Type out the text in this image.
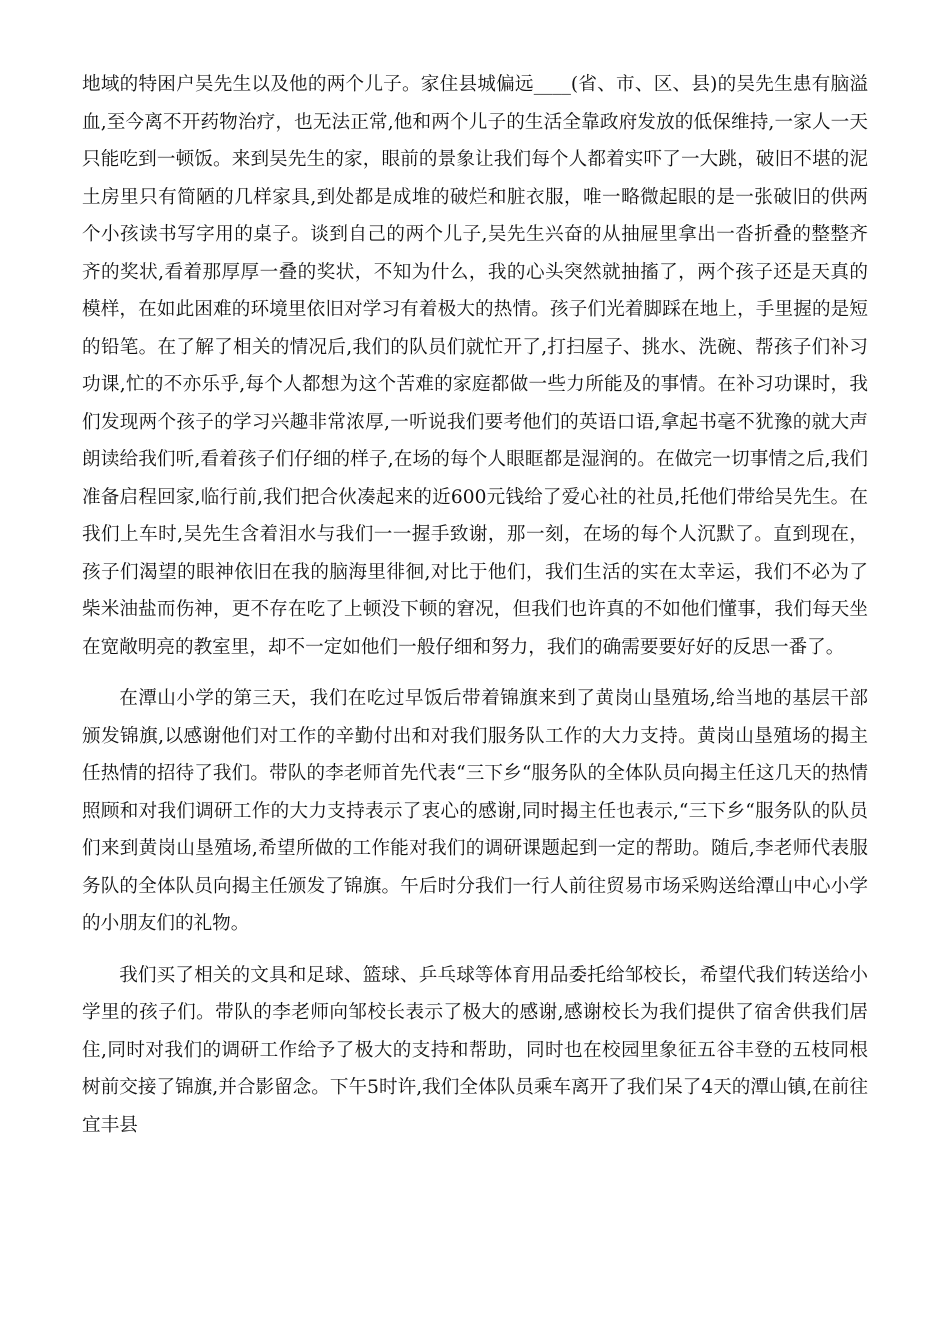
地域的特困户吴先生以及他的两个儿子。家住县城偏远____(省、市、区、县)的吴先生患有脑溢血,至今离不开药物治疗，也无法正常,他和两个儿子的生活全靠政府发放的低保维持,一家人一天只能吃到一顿饭。来到吴先生的家，眼前的景象让我们每个人都着实吓了一大跳，破旧不堪的泥土房里只有简陋的几样家具,到处都是成堆的破烂和脏衣服，唯一略微起眼的是一张破旧的供两个小孩读书写字用的桌子。谈到自己的两个儿子,吴先生兴奋的从抽屉里拿出一沓折叠的整整齐齐的奖状,看着那厚厚一叠的奖状，不知为什么，我的心头突然就抽搐了，两个孩子还是天真的模样，在如此困难的环境里依旧对学习有着极大的热情。孩子们光着脚踩在地上，手里握的是短的铅笔。在了解了相关的情况后,我们的队员们就忙开了,打扫屋子、挑水、洗碗、帮孩子们补习功课,忙的不亦乐乎,每个人都想为这个苦难的家庭都做一些力所能及的事情。在补习功课时，我们发现两个孩子的学习兴趣非常浓厚,一听说我们要考他们的英语口语,拿起书毫不犹豫的就大声朗读给我们听,看着孩子们仔细的样子,在场的每个人眼眶都是湿润的。在做完一切事情之后,我们准备启程回家,临行前,我们把合伙凑起来的近600元钱给了爱心社的社员,托他们带给吴先生。在我们上车时,吴先生含着泪水与我们一一握手致谢，那一刻，在场的每个人沉默了。直到现在，孩子们渴望的眼神依旧在我的脑海里徘徊,对比于他们，我们生活的实在太幸运，我们不必为了柴米油盐而伤神，更不存在吃了上顿没下顿的窘况，但我们也许真的不如他们懂事，我们每天坐在宽敞明亮的教室里，却不一定如他们一般仔细和努力，我们的确需要要好好的反思一番了。

在潭山小学的第三天，我们在吃过早饭后带着锦旗来到了黄岗山垦殖场,给当地的基层干部颁发锦旗,以感谢他们对工作的辛勤付出和对我们服务队工作的大力支持。黄岗山垦殖场的揭主任热情的招待了我们。带队的李老师首先代表“三下乡“服务队的全体队员向揭主任这几天的热情照顾和对我们调研工作的大力支持表示了衷心的感谢,同时揭主任也表示,“三下乡“服务队的队员们来到黄岗山垦殖场,希望所做的工作能对我们的调研课题起到一定的帮助。随后,李老师代表服务队的全体队员向揭主任颁发了锦旗。午后时分我们一行人前往贸易市场采购送给潭山中心小学的小朋友们的礼物。

我们买了相关的文具和足球、篮球、乒乓球等体育用品委托给邹校长，希望代我们转送给小学里的孩子们。带队的李老师向邹校长表示了极大的感谢,感谢校长为我们提供了宿舍供我们居住,同时对我们的调研工作给予了极大的支持和帮助，同时也在校园里象征五谷丰登的五枝同根树前交接了锦旗,并合影留念。下午5时许,我们全体队员乘车离开了我们呆了4天的潭山镇,在前往宜丰县
